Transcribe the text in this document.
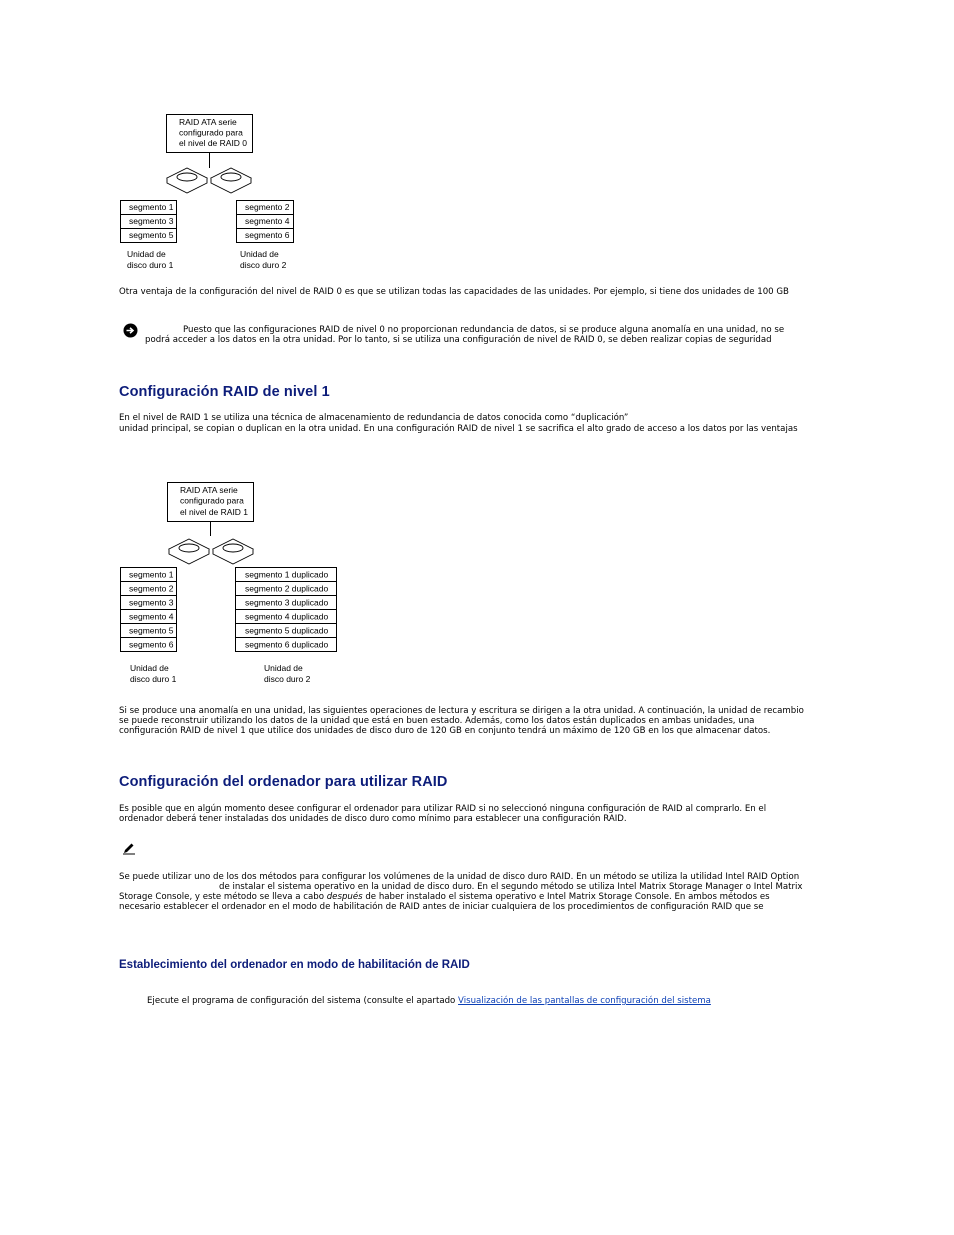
RAID ATA serie
configurado para
el nivel de RAID 0
segmento 1
segmento 3
segmento 5
segmento 2
segmento 4
segmento 6
Unidad de
disco duro 1
Unidad de
disco duro 2
Otra ventaja de la configuración del nivel de RAID 0 es que se utilizan todas las capacidades de las unidades. Por ejemplo, si tiene dos unidades de 100 GB
Puesto que las configuraciones RAID de nivel 0 no proporcionan redundancia de datos, si se produce alguna anomalía en una unidad, no se
podrá acceder a los datos en la otra unidad. Por lo tanto, si se utiliza una configuración de nivel de RAID 0, se deben realizar copias de seguridad
Configuración RAID de nivel 1
En el nivel de RAID 1 se utiliza una técnica de almacenamiento de redundancia de datos conocida como “duplicación”
unidad principal, se copian o duplican en la otra unidad. En una configuración RAID de nivel 1 se sacrifica el alto grado de acceso a los datos por las ventajas
RAID ATA serie
configurado para
el nivel de RAID 1
segmento 1
segmento 2
segmento 3
segmento 4
segmento 5
segmento 6
segmento 1 duplicado
segmento 2 duplicado
segmento 3 duplicado
segmento 4 duplicado
segmento 5 duplicado
segmento 6 duplicado
Unidad de
disco duro 1
Unidad de
disco duro 2
Si se produce una anomalía en una unidad, las siguientes operaciones de lectura y escritura se dirigen a la otra unidad. A continuación, la unidad de recambio
se puede reconstruir utilizando los datos de la unidad que está en buen estado. Además, como los datos están duplicados en ambas unidades, una
configuración RAID de nivel 1 que utilice dos unidades de disco duro de 120 GB en conjunto tendrá un máximo de 120 GB en los que almacenar datos.
Configuración del ordenador para utilizar RAID
Es posible que en algún momento desee configurar el ordenador para utilizar RAID si no seleccionó ninguna configuración de RAID al comprarlo. En el
ordenador deberá tener instaladas dos unidades de disco duro como mínimo para establecer una configuración RAID.
Se puede utilizar uno de los dos métodos para configurar los volúmenes de la unidad de disco duro RAID. En un método se utiliza la utilidad Intel RAID Option
de instalar el sistema operativo en la unidad de disco duro. En el segundo método se utiliza Intel Matrix Storage Manager o Intel Matrix
Storage Console, y este método se lleva a cabo después de haber instalado el sistema operativo e Intel Matrix Storage Console. En ambos métodos es
necesario establecer el ordenador en el modo de habilitación de RAID antes de iniciar cualquiera de los procedimientos de configuración RAID que se
Establecimiento del ordenador en modo de habilitación de RAID
Ejecute el programa de configuración del sistema (consulte el apartado Visualización de las pantallas de configuración del sistema
